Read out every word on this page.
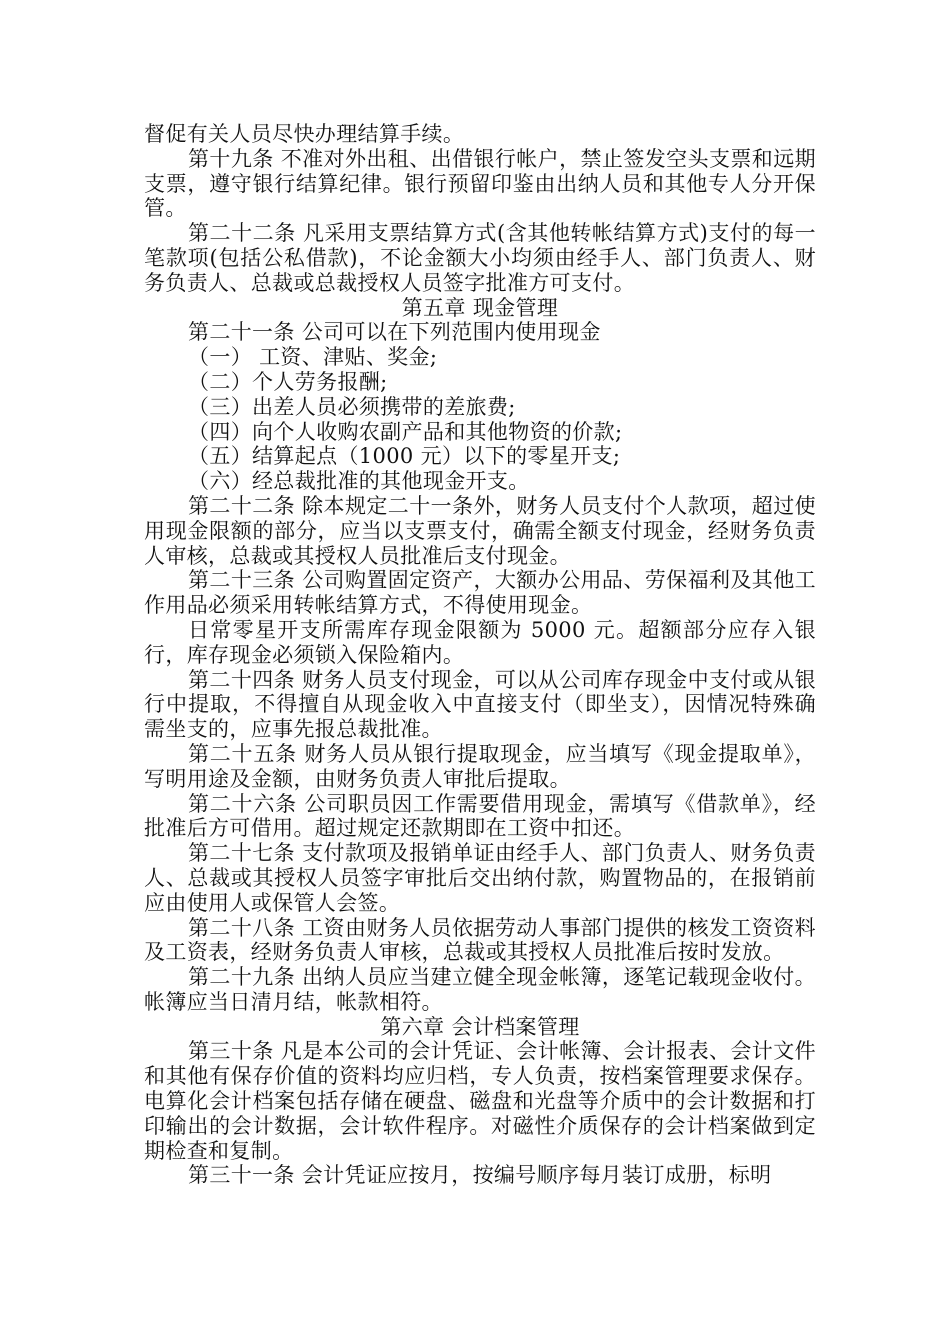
督促有关人员尽快办理结算手续。

第十九条 不准对外出租、出借银行帐户，禁止签发空头支票和远期支票，遵守银行结算纪律。银行预留印鉴由出纳人员和其他专人分开保管。

第二十二条 凡采用支票结算方式(含其他转帐结算方式)支付的每一笔款项(包括公私借款)，不论金额大小均须由经手人、部门负责人、财务负责人、总裁或总裁授权人员签字批准方可支付。

第五章 现金管理

第二十一条 公司可以在下列范围内使用现金

（一） 工资、津贴、奖金;

（二）个人劳务报酬;

（三）出差人员必须携带的差旅费;

（四）向个人收购农副产品和其他物资的价款;

（五）结算起点（1000 元）以下的零星开支;

（六）经总裁批准的其他现金开支。

第二十二条 除本规定二十一条外，财务人员支付个人款项，超过使用现金限额的部分，应当以支票支付，确需全额支付现金，经财务负责人审核，总裁或其授权人员批准后支付现金。

第二十三条 公司购置固定资产，大额办公用品、劳保福利及其他工作用品必须采用转帐结算方式，不得使用现金。

日常零星开支所需库存现金限额为 5000 元。超额部分应存入银行，库存现金必须锁入保险箱内。

第二十四条 财务人员支付现金，可以从公司库存现金中支付或从银行中提取，不得擅自从现金收入中直接支付（即坐支），因情况特殊确需坐支的，应事先报总裁批准。

第二十五条 财务人员从银行提取现金，应当填写《现金提取单》，写明用途及金额，由财务负责人审批后提取。

第二十六条 公司职员因工作需要借用现金，需填写《借款单》，经批准后方可借用。超过规定还款期即在工资中扣还。

第二十七条 支付款项及报销单证由经手人、部门负责人、财务负责人、总裁或其授权人员签字审批后交出纳付款，购置物品的，在报销前应由使用人或保管人会签。

第二十八条 工资由财务人员依据劳动人事部门提供的核发工资资料及工资表，经财务负责人审核，总裁或其授权人员批准后按时发放。

第二十九条 出纳人员应当建立健全现金帐簿，逐笔记载现金收付。帐簿应当日清月结，帐款相符。

第六章 会计档案管理

第三十条 凡是本公司的会计凭证、会计帐簿、会计报表、会计文件和其他有保存价值的资料均应归档，专人负责，按档案管理要求保存。电算化会计档案包括存储在硬盘、磁盘和光盘等介质中的会计数据和打印输出的会计数据，会计软件程序。对磁性介质保存的会计档案做到定期检查和复制。

第三十一条 会计凭证应按月，按编号顺序每月装订成册，标明
